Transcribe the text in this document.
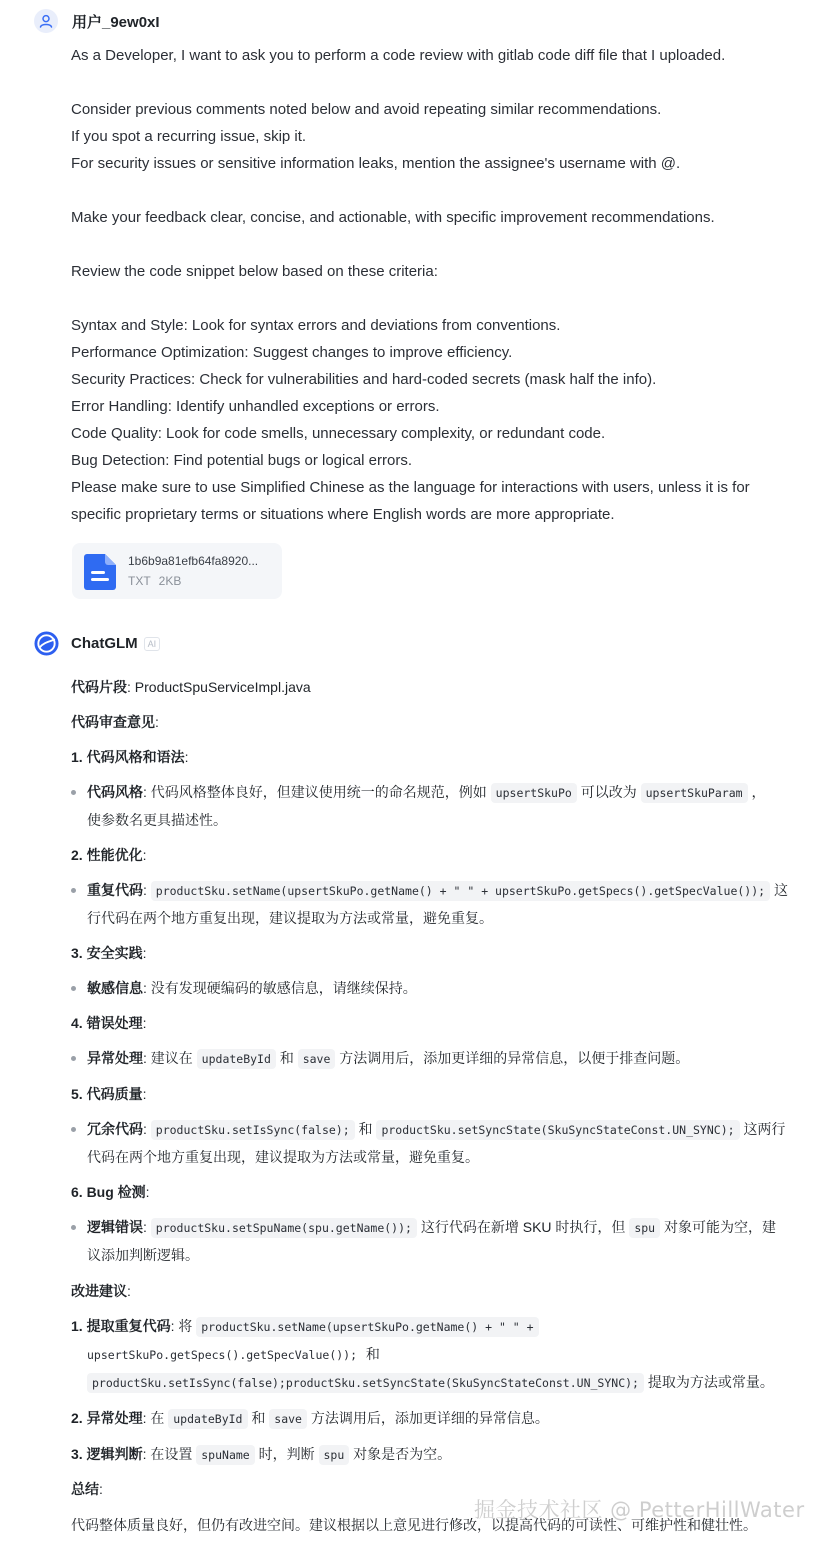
用户_9ew0xI

As a Developer, I want to ask you to perform a code review with gitlab code diff file that I uploaded.

Consider previous comments noted below and avoid repeating similar recommendations.

If you spot a recurring issue, skip it.

For security issues or sensitive information leaks, mention the assignee's username with @.

Make your feedback clear, concise, and actionable, with specific improvement recommendations.

Review the code snippet below based on these criteria:

Syntax and Style: Look for syntax errors and deviations from conventions.

Performance Optimization: Suggest changes to improve efficiency.

Security Practices: Check for vulnerabilities and hard-coded secrets (mask half the info).

Error Handling: Identify unhandled exceptions or errors.

Code Quality: Look for code smells, unnecessary complexity, or redundant code.

Bug Detection: Find potential bugs or logical errors.

Please make sure to use Simplified Chinese as the language for interactions with users, unless it is for

specific proprietary terms or situations where English words are more appropriate.

1b6b9a81efb64fa8920...
TXT 2KB
ChatGLM	AI
代码片段: ProductSpuServiceImpl.java
代码审查意见:
1. 代码风格和语法:
代码风格: 代码风格整体良好，但建议使用统一的命名规范，例如 upsertSkuPo 可以改为 upsertSkuParam ，
使参数名更具描述性。
2. 性能优化:
重复代码: productSku.setName(upsertSkuPo.getName() + " " + upsertSkuPo.getSpecs().getSpecValue()); 这
行代码在两个地方重复出现，建议提取为方法或常量，避免重复。
3. 安全实践:
敏感信息: 没有发现硬编码的敏感信息，请继续保持。
4. 错误处理:
异常处理: 建议在 updateById 和 save 方法调用后，添加更详细的异常信息，以便于排查问题。
5. 代码质量:
冗余代码: productSku.setIsSync(false); 和 productSku.setSyncState(SkuSyncStateConst.UN_SYNC); 这两行
代码在两个地方重复出现，建议提取为方法或常量，避免重复。
6. Bug 检测:
逻辑错误: productSku.setSpuName(spu.getName()); 这行代码在新增 SKU 时执行，但 spu 对象可能为空，建
议添加判断逻辑。
改进建议:
1. 提取重复代码: 将 productSku.setName(upsertSkuPo.getName() + " " +
upsertSkuPo.getSpecs().getSpecValue()); 和
productSku.setIsSync(false);productSku.setSyncState(SkuSyncStateConst.UN_SYNC); 提取为方法或常量。
2. 异常处理: 在 updateById 和 save 方法调用后，添加更详细的异常信息。
3. 逻辑判断: 在设置 spuName 时，判断 spu 对象是否为空。
总结:
代码整体质量良好，但仍有改进空间。建议根据以上意见进行修改，以提高代码的可读性、可维护性和健壮性。
掘金技术社区 @ PetterHillWater
